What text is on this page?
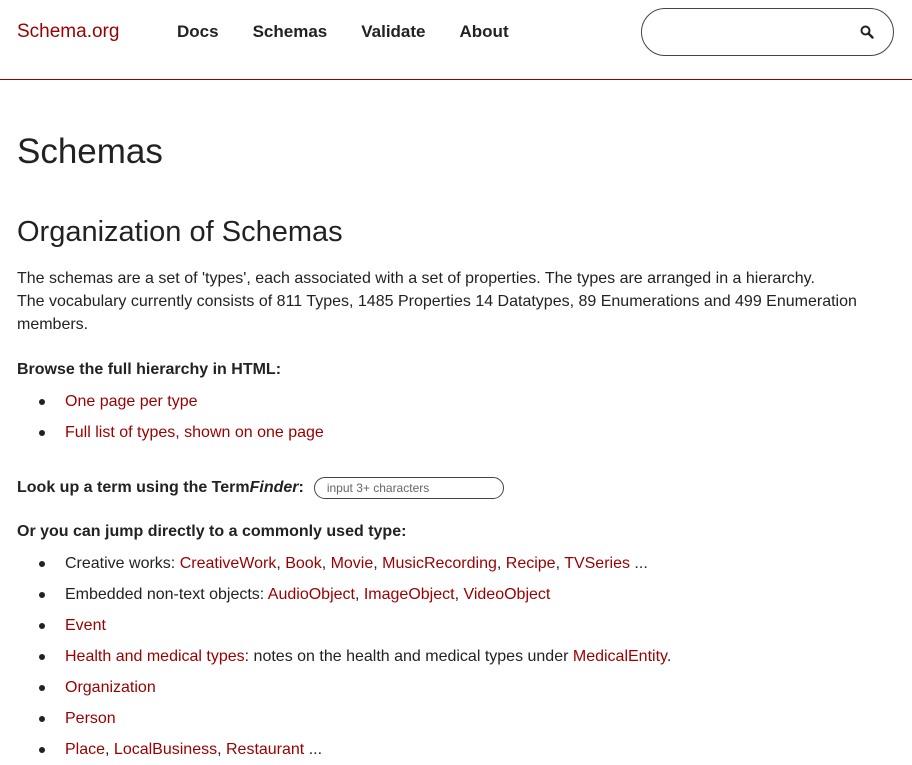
Schema.org	Docs Schemas Validate About
Schemas
Organization of Schemas

The schemas are a set of 'types', each associated with a set of properties. The types are arranged in a hierarchy.

The vocabulary currently consists of 811 Types, 1485 Properties 14 Datatypes, 89 Enumerations and 499 Enumeration members.

Browse the full hierarchy in HTML:
One page per type
Full list of types, shown on one page
Look up a term using the TermFinder:
input 3+ characters
Or you can jump directly to a commonly used type:
Creative works: CreativeWork, Book, Movie, MusicRecording, Recipe, TVSeries ...
Embedded non-text objects: AudioObject, ImageObject, VideoObject
Event
Health and medical types: notes on the health and medical types under MedicalEntity.
Organization
Person
Place, LocalBusiness, Restaurant ...
